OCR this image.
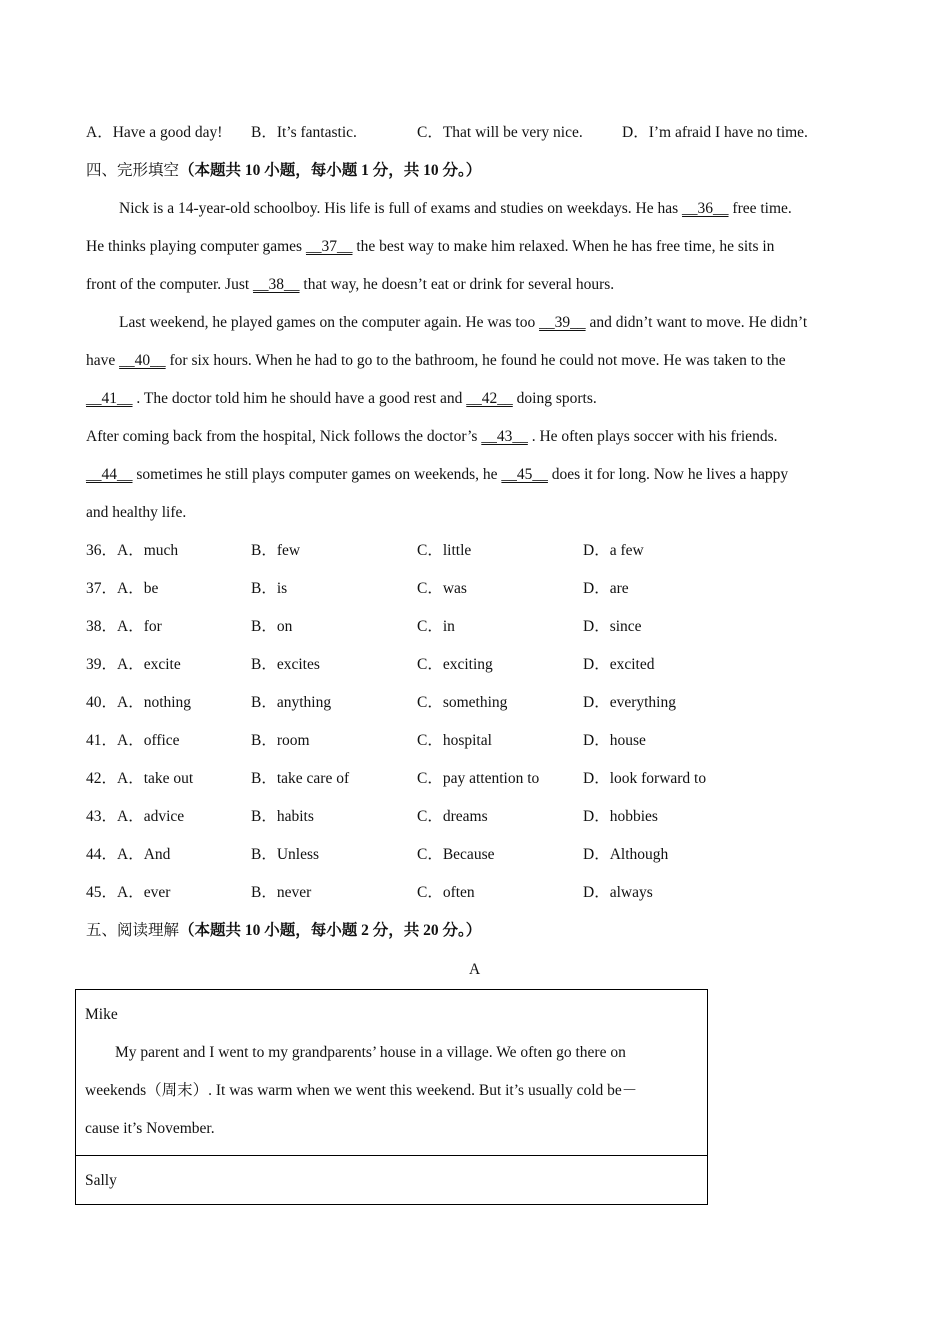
A．Have a good day! B．It’s fantastic.	C．That will be very nice.	D．I’m afraid I have no time.
四、完形填空（本题共 10 小题，每小题 1 分，共 10 分。）
Nick is a 14-year-old schoolboy. His life is full of exams and studies on weekdays. He has __36__ free time.
He thinks playing computer games __37__ the best way to make him relaxed. When he has free time, he sits in
front of the computer. Just __38__ that way, he doesn’t eat or drink for several hours.
Last weekend, he played games on the computer again. He was too __39__ and didn’t want to move. He didn’t
have __40__ for six hours. When he had to go to the bathroom, he found he could not move. He was taken to the
__41__ . The doctor told him he should have a good rest and __42__ doing sports.
After coming back from the hospital, Nick follows the doctor’s __43__ . He often plays soccer with his friends.
__44__ sometimes he still plays computer games on weekends, he __45__ does it for long. Now he lives a happy
and healthy life.
36．A．much	B．few	C．little	D．a few
37．A．be	B．is	C．was	D．are
38．A．for	B．on	C．in	D．since
39．A．excite	B．excites	C．exciting	D．excited
40．A．nothing	B．anything	C．something	D．everything
41．A．office	B．room	C．hospital	D．house
42．A．take out	B．take care of	C．pay attention to	D．look forward to
43．A．advice	B．habits	C．dreams	D．hobbies
44．A．And	B．Unless	C．Because	D．Although
45．A．ever	B．never	C．often	D．always
五、阅读理解（本题共 10 小题，每小题 2 分，共 20 分。）
A
Mike
My parent and I went to my grandparents’ house in a village. We often go there on
weekends（周末）. It was warm when we went this weekend. But it’s usually cold be－
cause it’s November.
Sally
